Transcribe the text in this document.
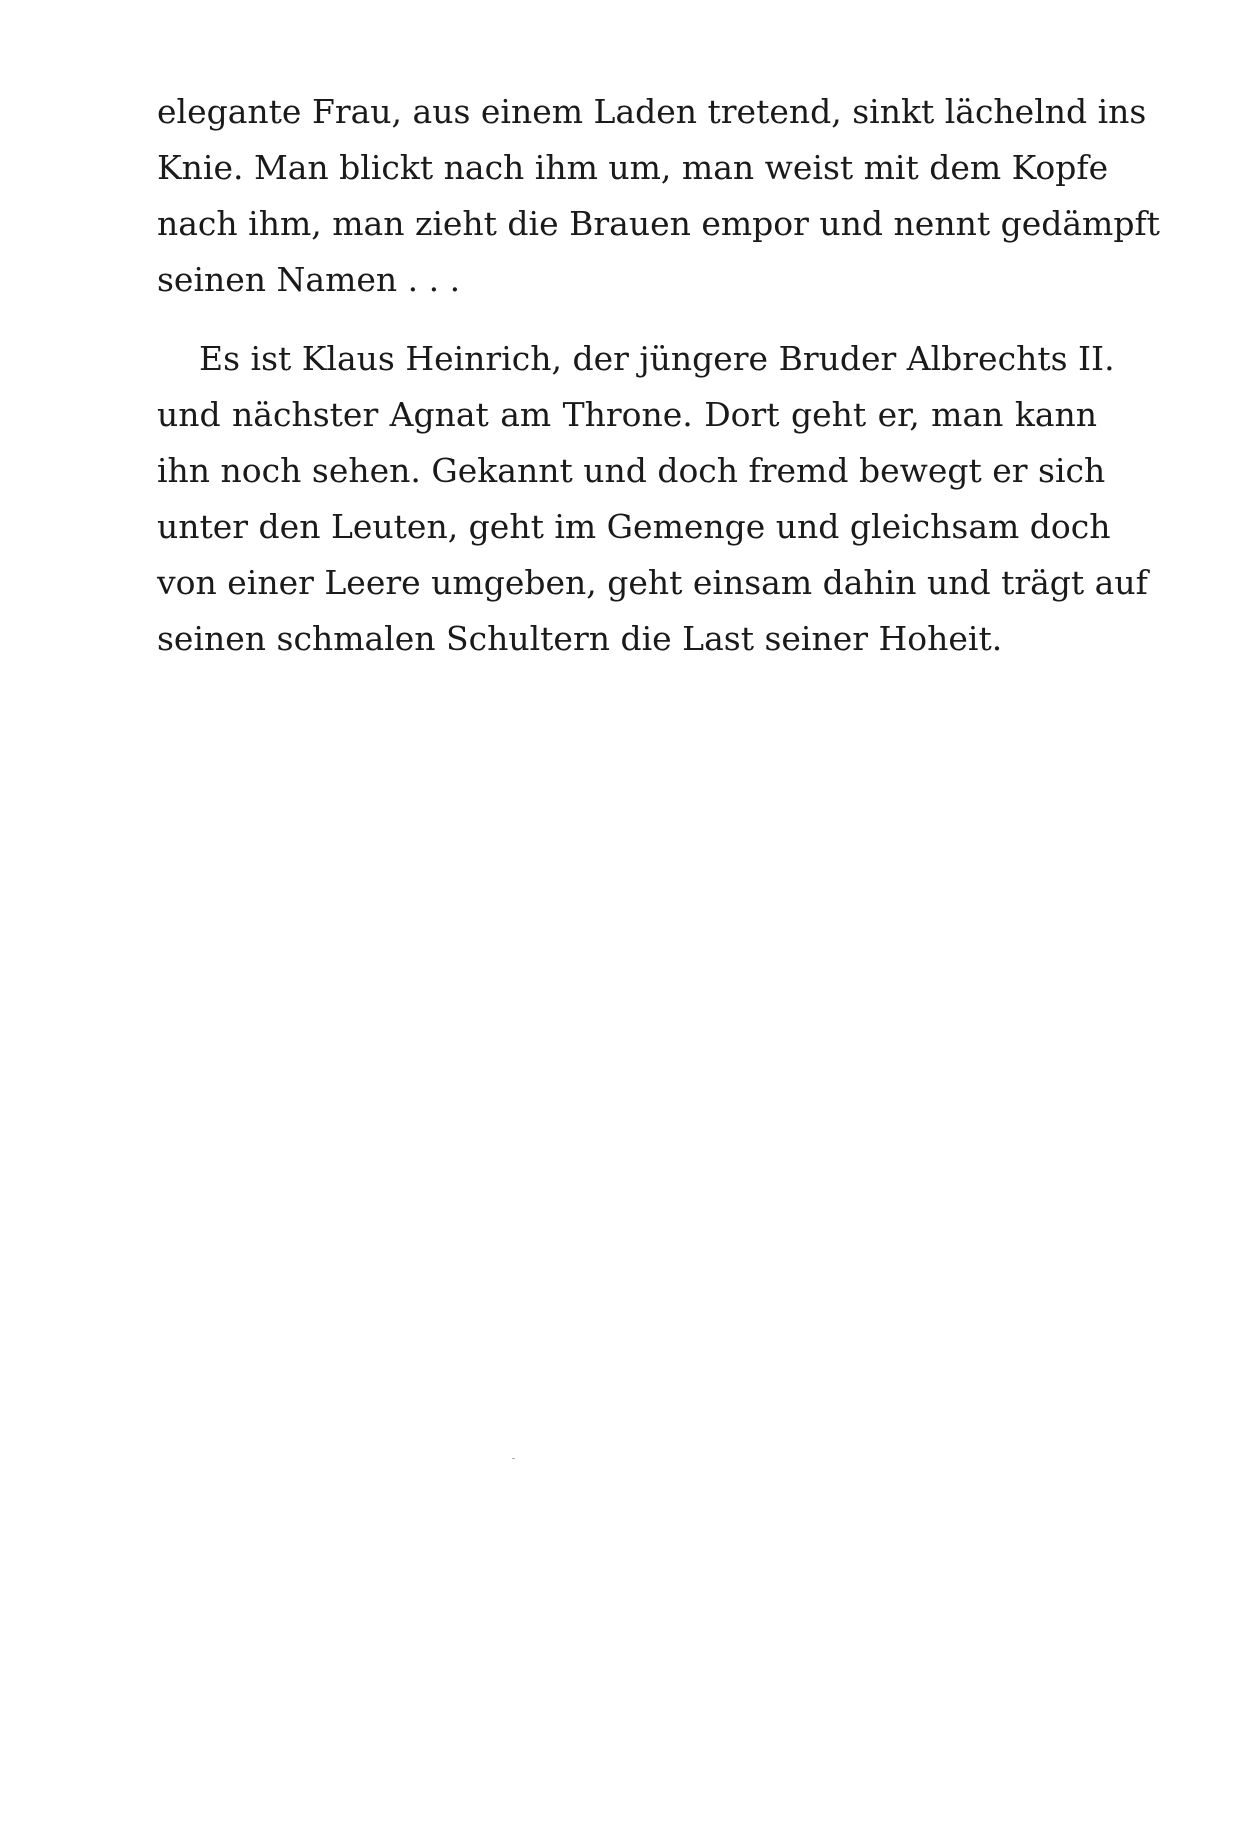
elegante Frau, aus einem Laden tretend, sinkt lächelnd ins
Knie. Man blickt nach ihm um, man weist mit dem Kopfe
nach ihm, man zieht die Brauen empor und nennt gedämpft
seinen Namen . . .
Es ist Klaus Heinrich, der jüngere Bruder Albrechts II.
und nächster Agnat am Throne. Dort geht er, man kann
ihn noch sehen. Gekannt und doch fremd bewegt er sich
unter den Leuten, geht im Gemenge und gleichsam doch
von einer Leere umgeben, geht einsam dahin und trägt auf
seinen schmalen Schultern die Last seiner Hoheit.
